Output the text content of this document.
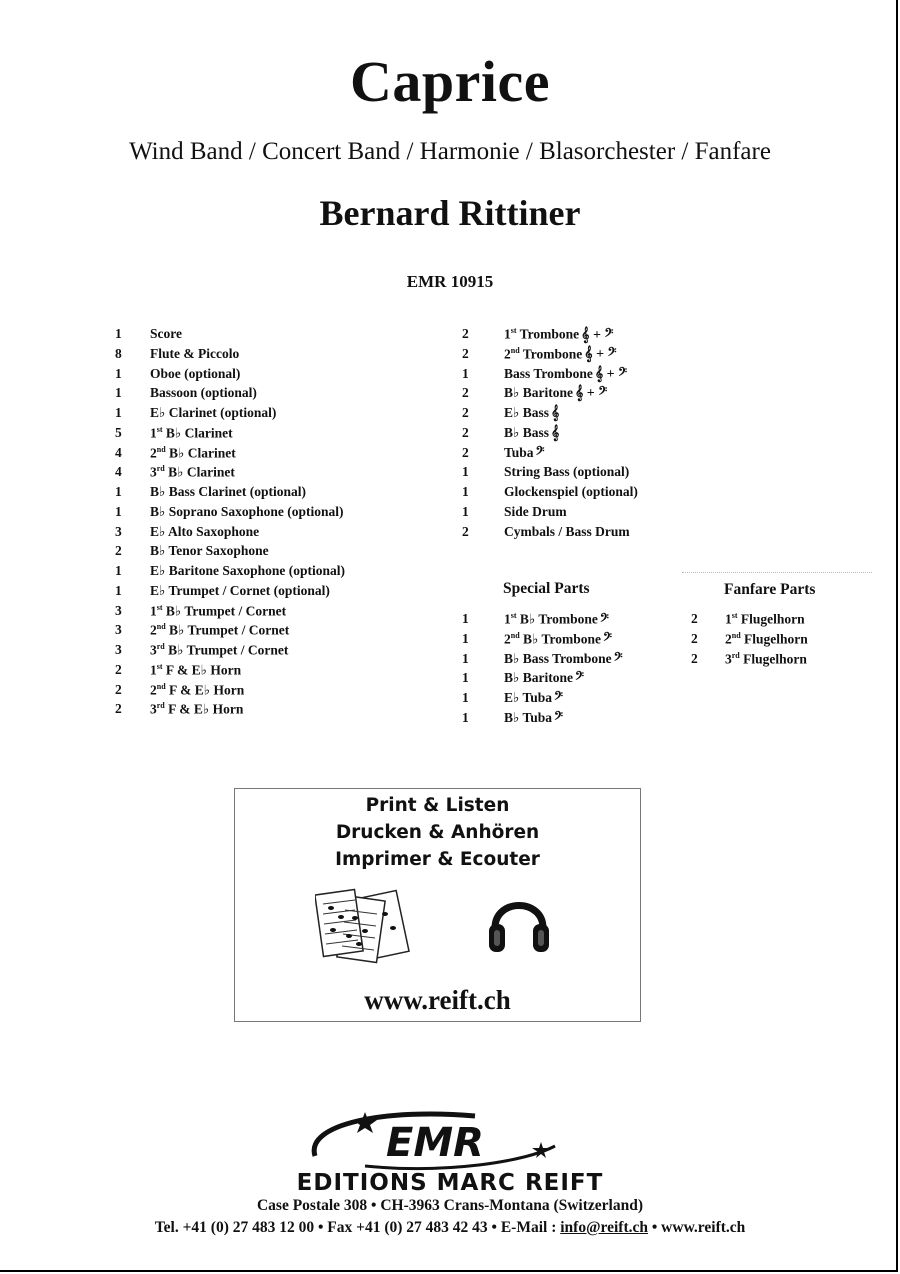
Caprice
Wind Band / Concert Band / Harmonie / Blasorchester / Fanfare
Bernard Rittiner
EMR 10915
1	Score
8	Flute & Piccolo
1	Oboe (optional)
1	Bassoon (optional)
1	E♭ Clarinet (optional)
5	1st B♭ Clarinet
4	2nd B♭ Clarinet
4	3rd B♭ Clarinet
1	B♭ Bass Clarinet (optional)
1	B♭ Soprano Saxophone (optional)
3	E♭ Alto Saxophone
2	B♭ Tenor Saxophone
1	E♭ Baritone Saxophone (optional)
1	E♭ Trumpet / Cornet (optional)
3	1st B♭ Trumpet / Cornet
3	2nd B♭ Trumpet / Cornet
3	3rd B♭ Trumpet / Cornet
2	1st F & E♭ Horn
2	2nd F & E♭ Horn
2	3rd F & E♭ Horn
2	1st Trombone 𝄞 + 𝄢
2	2nd Trombone 𝄞 + 𝄢
1	Bass Trombone 𝄞 + 𝄢
2	B♭ Baritone 𝄞 + 𝄢
2	E♭ Bass 𝄞
2	B♭ Bass 𝄞
2	Tuba 𝄢
1	String Bass (optional)
1	Glockenspiel (optional)
1	Side Drum
2	Cymbals / Bass Drum
Special Parts	Fanfare Parts
1	1st B♭ Trombone 𝄢
1	2nd B♭ Trombone 𝄢
1	B♭ Bass Trombone 𝄢
1	B♭ Baritone 𝄢
1	E♭ Tuba 𝄢
1	B♭ Tuba 𝄢
2	1st Flugelhorn
2	2nd Flugelhorn
2	3rd Flugelhorn
Print & Listen
Drucken & Anhören
Imprimer & Ecouter
www.reift.ch
EMR
EDITIONS MARC REIFT
Case Postale 308 • CH-3963 Crans-Montana (Switzerland)
Tel. +41 (0) 27 483 12 00 • Fax +41 (0) 27 483 42 43 • E-Mail : info@reift.ch • www.reift.ch
